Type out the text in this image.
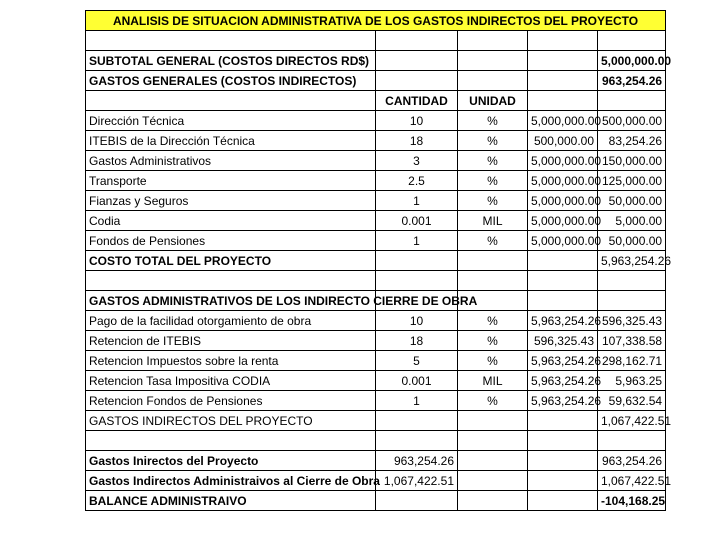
ANALISIS DE SITUACION ADMINISTRATIVA DE LOS GASTOS INDIRECTOS DEL PROYECTO				

SUBTOTAL GENERAL (COSTOS DIRECTOS RD$)				5,000,000.00
GASTOS GENERALES (COSTOS INDIRECTOS)				963,254.26
	CANTIDAD	UNIDAD		
Dirección Técnica	10	%	5,000,000.00	500,000.00
ITEBIS de la Dirección Técnica	18	%	500,000.00	83,254.26
Gastos Administrativos	3	%	5,000,000.00	150,000.00
Transporte	2.5	%	5,000,000.00	125,000.00
Fianzas y Seguros	1	%	5,000,000.00	50,000.00
Codia	0.001	MIL	5,000,000.00	5,000.00
Fondos de Pensiones	1	%	5,000,000.00	50,000.00
COSTO TOTAL DEL PROYECTO				5,963,254.26

GASTOS ADMINISTRATIVOS DE LOS INDIRECTO CIERRE DE OBRA				
Pago de la facilidad otorgamiento de obra	10	%	5,963,254.26	596,325.43
Retencion de ITEBIS	18	%	596,325.43	107,338.58
Retencion Impuestos sobre la renta	5	%	5,963,254.26	298,162.71
Retencion Tasa Impositiva CODIA	0.001	MIL	5,963,254.26	5,963.25
Retencion Fondos de Pensiones	1	%	5,963,254.26	59,632.54
GASTOS INDIRECTOS DEL PROYECTO				1,067,422.51

Gastos Inirectos del Proyecto	963,254.26			963,254.26
Gastos Indirectos Administraivos al Cierre de Obra	1,067,422.51			1,067,422.51
BALANCE ADMINISTRAIVO				-104,168.25
